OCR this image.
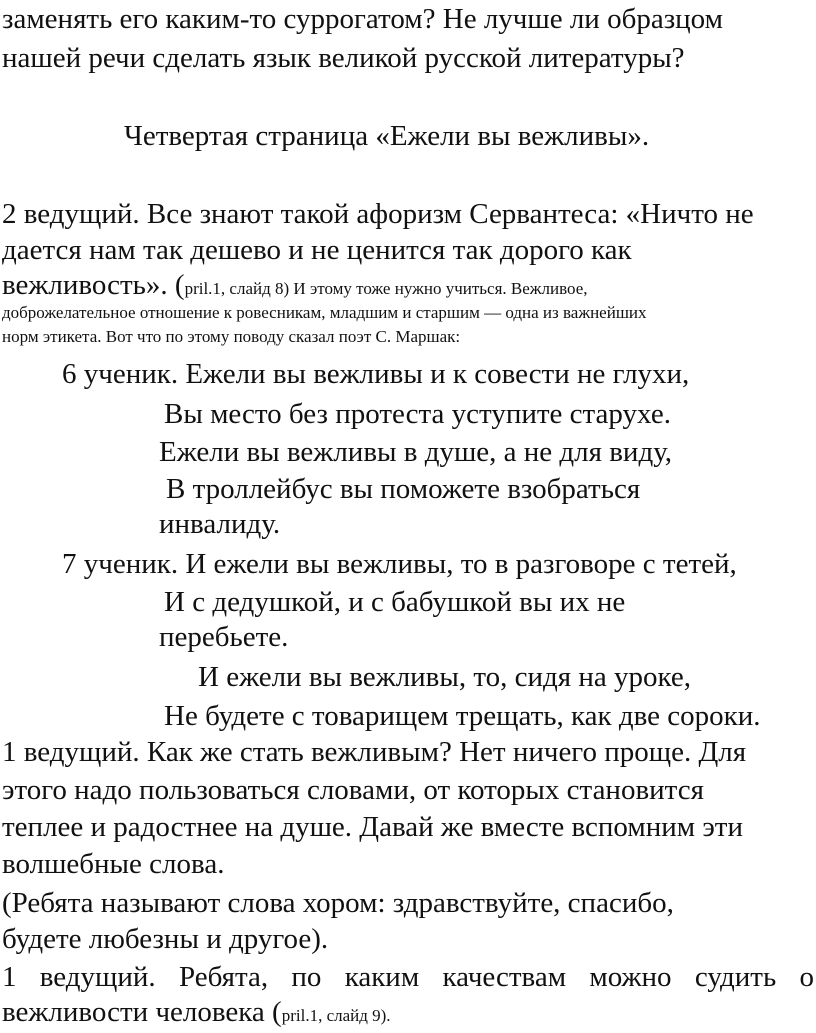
заменять его каким-то суррогатом? Не лучше ли образцом
нашей речи сделать язык великой русской литературы?
Четвертая страница «Ежели вы вежливы».
2 ведущий. Все знают такой афоризм Сервантеса: «Ничто не
дается нам так дешево и не ценится так дорого как
вежливость». (pril.1, слайд 8) И этому тоже нужно учиться. Вежливое,
доброжелательное отношение к ровесникам, младшим и старшим — одна из важнейших
норм этикета. Вот что по этому поводу сказал поэт С. Маршак:
6 ученик. Ежели вы вежливы и к совести не глухи,
Вы место без протеста уступите старухе.
Ежели вы вежливы в душе, а не для виду,
В троллейбус вы поможете взобраться
инвалиду.
7 ученик. И ежели вы вежливы, то в разговоре с тетей,
И с дедушкой, и с бабушкой вы их не
перебьете.
И ежели вы вежливы, то, сидя на уроке,
Не будете с товарищем трещать, как две сороки.
1 ведущий. Как же стать вежливым? Нет ничего проще. Для
этого надо пользоваться словами, от которых становится
теплее и радостнее на душе. Давай же вместе вспомним эти
волшебные слова.
(Ребята называют слова хором: здравствуйте, спасибо,
будете любезны и другое).
1 ведущий. Ребята, по каким качествам можно судить о
вежливости человека (pril.1, слайд 9).
